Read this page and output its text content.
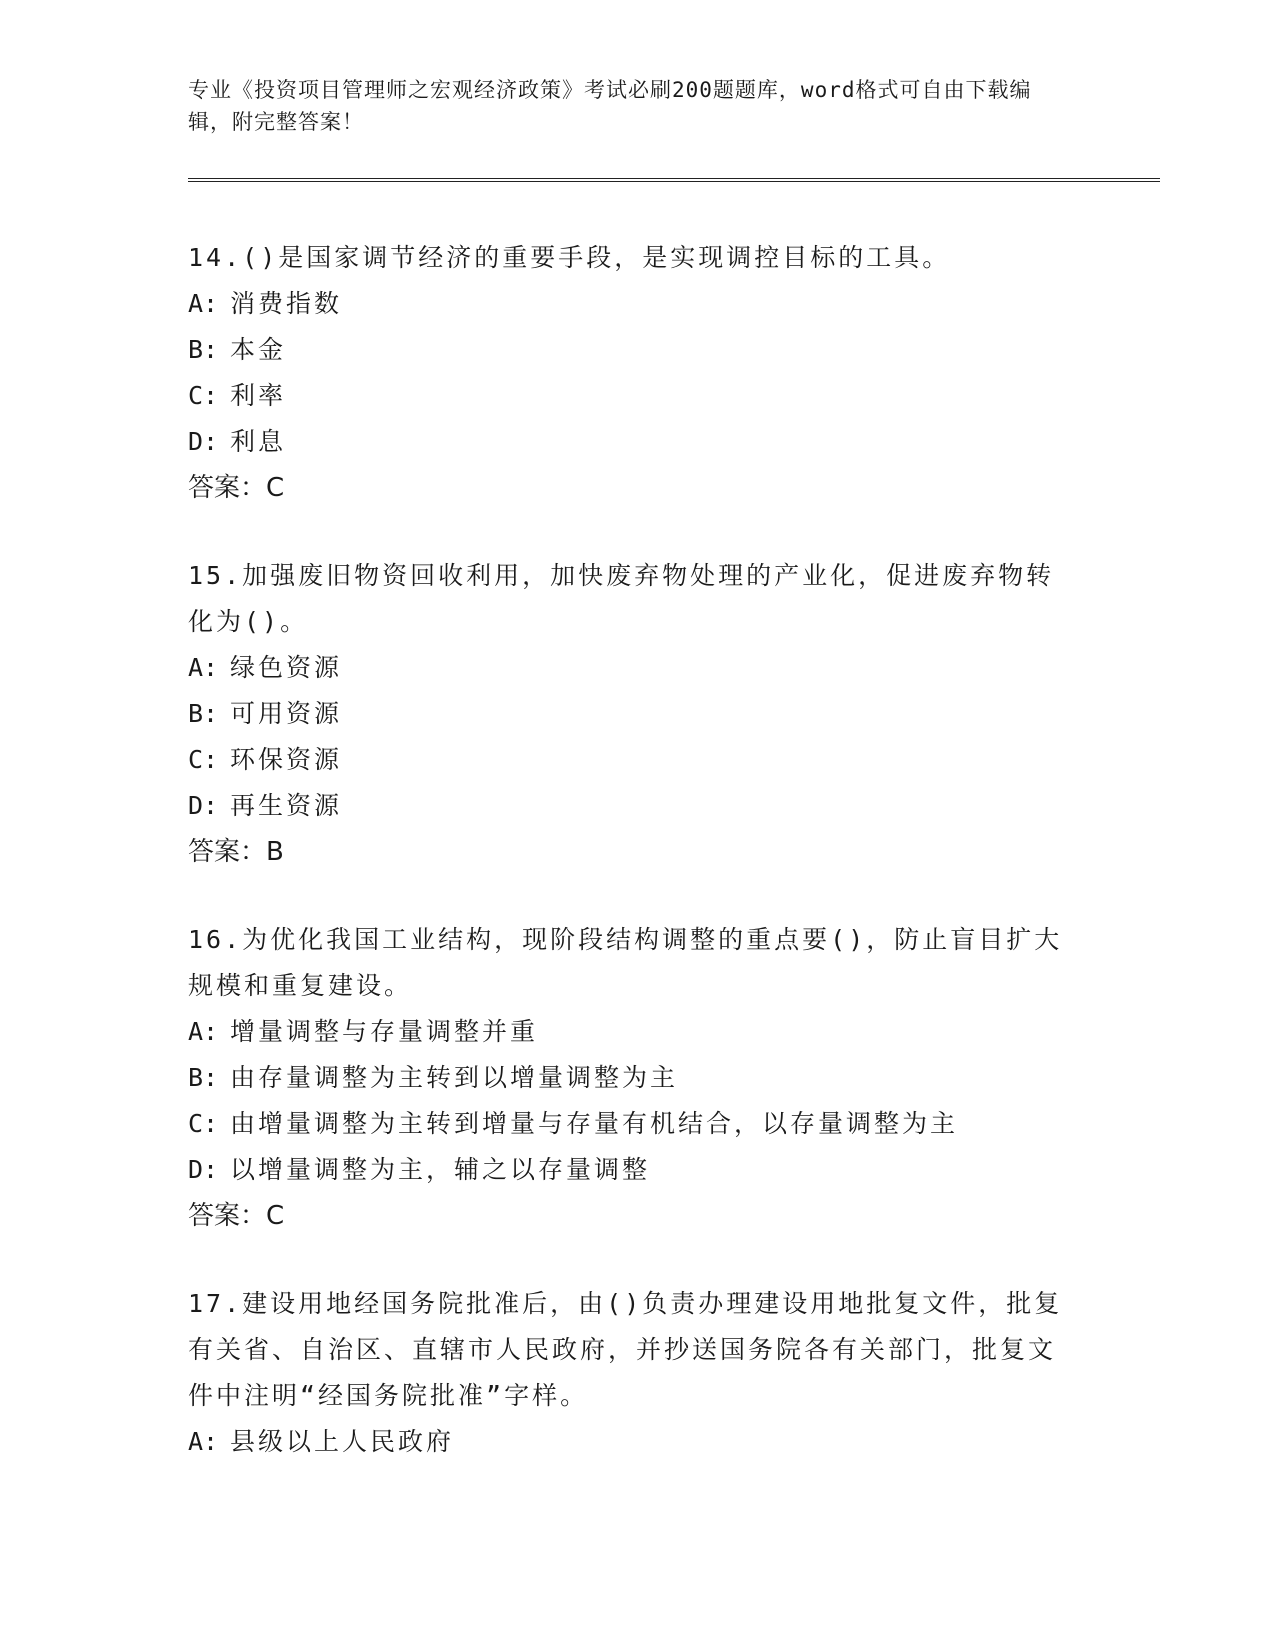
专业《投资项目管理师之宏观经济政策》考试必刷200题题库，word格式可自由下载编辑，附完整答案！
14.()是国家调节经济的重要手段，是实现调控目标的工具。
A: 消费指数
B: 本金
C: 利率
D: 利息
答案：C
15.加强废旧物资回收利用，加快废弃物处理的产业化，促进废弃物转化为()。
A: 绿色资源
B: 可用资源
C: 环保资源
D: 再生资源
答案：B
16.为优化我国工业结构，现阶段结构调整的重点要()，防止盲目扩大规模和重复建设。
A: 增量调整与存量调整并重
B: 由存量调整为主转到以增量调整为主
C: 由增量调整为主转到增量与存量有机结合，以存量调整为主
D: 以增量调整为主，辅之以存量调整
答案：C
17.建设用地经国务院批准后，由()负责办理建设用地批复文件，批复有关省、自治区、直辖市人民政府，并抄送国务院各有关部门，批复文件中注明“经国务院批准”字样。
A: 县级以上人民政府
